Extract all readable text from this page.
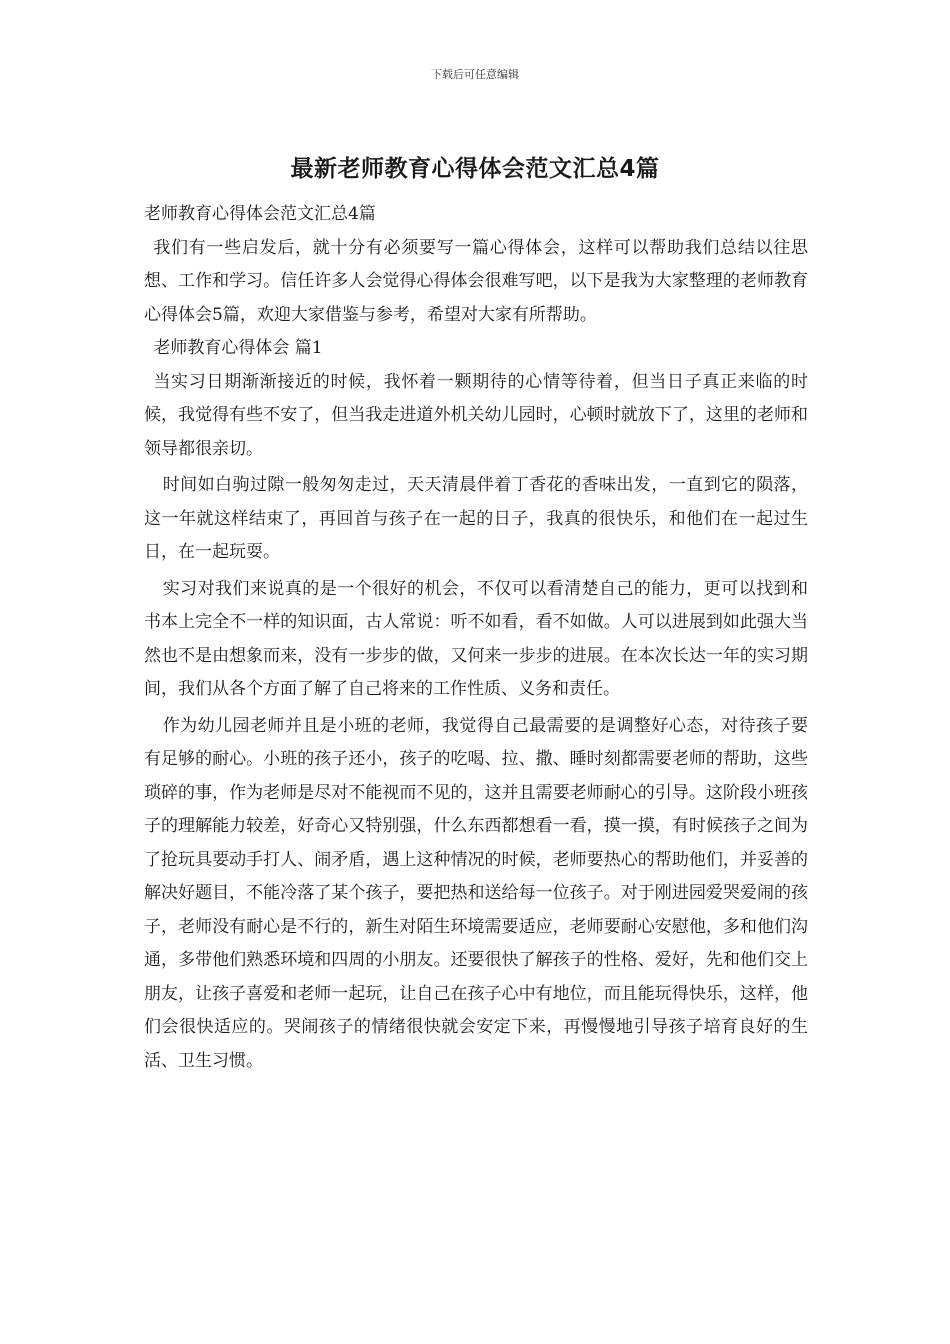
下载后可任意编辑
最新老师教育心得体会范文汇总4篇

老师教育心得体会范文汇总4篇

我们有一些启发后，就十分有必须要写一篇心得体会，这样可以帮助我们总结以往思想、工作和学习。信任许多人会觉得心得体会很难写吧，以下是我为大家整理的老师教育心得体会5篇，欢迎大家借鉴与参考，希望对大家有所帮助。

老师教育心得体会 篇1

当实习日期渐渐接近的时候，我怀着一颗期待的心情等待着，但当日子真正来临的时候，我觉得有些不安了，但当我走进道外机关幼儿园时，心顿时就放下了，这里的老师和领导都很亲切。

时间如白驹过隙一般匆匆走过，天天清晨伴着丁香花的香味出发，一直到它的陨落，这一年就这样结束了，再回首与孩子在一起的日子，我真的很快乐，和他们在一起过生日，在一起玩耍。

实习对我们来说真的是一个很好的机会，不仅可以看清楚自己的能力，更可以找到和书本上完全不一样的知识面，古人常说：听不如看，看不如做。人可以进展到如此强大当然也不是由想象而来，没有一步步的做，又何来一步步的进展。在本次长达一年的实习期间，我们从各个方面了解了自己将来的工作性质、义务和责任。

作为幼儿园老师并且是小班的老师，我觉得自己最需要的是调整好心态，对待孩子要有足够的耐心。小班的孩子还小，孩子的吃喝、拉、撒、睡时刻都需要老师的帮助，这些琐碎的事，作为老师是尽对不能视而不见的，这并且需要老师耐心的引导。这阶段小班孩子的理解能力较差，好奇心又特别强，什么东西都想看一看，摸一摸，有时候孩子之间为了抢玩具要动手打人、闹矛盾，遇上这种情况的时候，老师要热心的帮助他们，并妥善的解决好题目，不能冷落了某个孩子，要把热和送给每一位孩子。对于刚进园爱哭爱闹的孩子，老师没有耐心是不行的，新生对陌生环境需要适应，老师要耐心安慰他，多和他们沟通，多带他们熟悉环境和四周的小朋友。还要很快了解孩子的性格、爱好，先和他们交上朋友，让孩子喜爱和老师一起玩，让自己在孩子心中有地位，而且能玩得快乐，这样，他们会很快适应的。哭闹孩子的情绪很快就会安定下来，再慢慢地引导孩子培育良好的生活、卫生习惯。
